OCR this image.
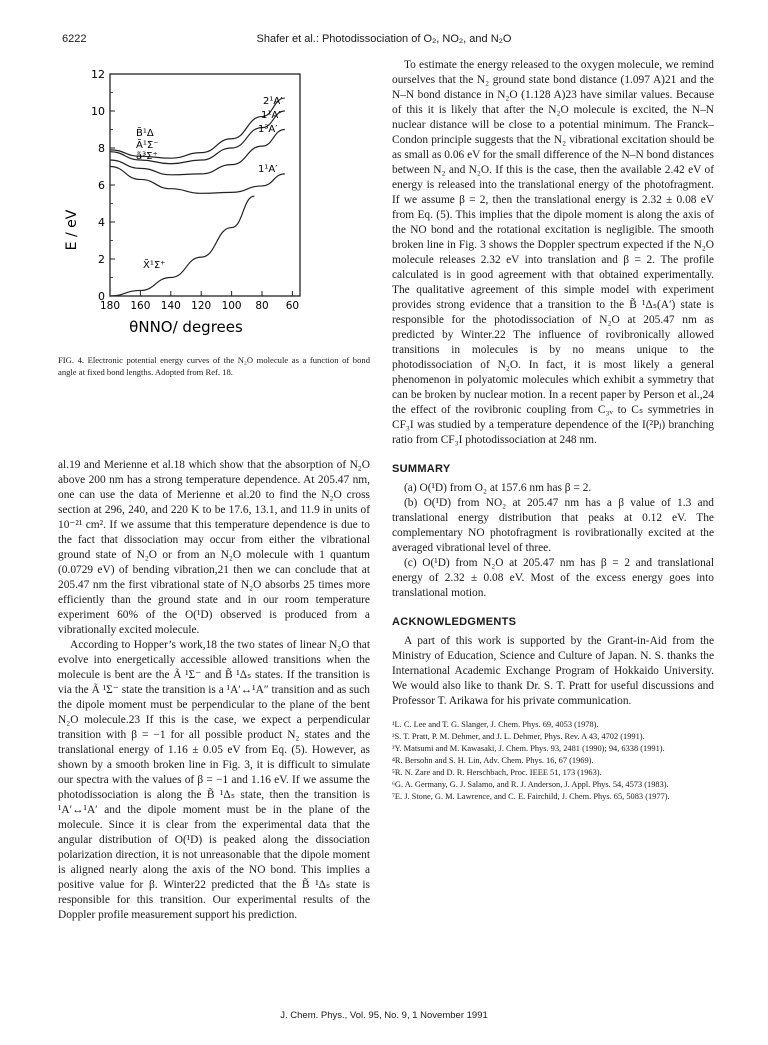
6222	Shafer et al.: Photodissociation of O₂, NO₂, and N₂O
E / eV
0
2
4
6
8
10
12
180 160 140 120 100 80 60
2¹A′
1¹A″
1³A′
1¹A′
B̃¹Δ
Ã¹Σ⁻
ã³Σ⁺
X̃¹Σ⁺
θNNO/ degrees
FIG. 4. Electronic potential energy curves of the N₂O molecule as a function of bond angle at fixed bond lengths. Adopted from Ref. 18.

al.19 and Merienne et al.18 which show that the absorption of N₂O above 200 nm has a strong temperature dependence. At 205.47 nm, one can use the data of Merienne et al.20 to find the N₂O cross section at 296, 240, and 220 K to be 17.6, 13.1, and 11.9 in units of 10⁻²¹ cm². If we assume that this temperature dependence is due to the fact that dissociation may occur from either the vibrational ground state of N₂O or from an N₂O molecule with 1 quantum (0.0729 eV) of bending vibration,21 then we can conclude that at 205.47 nm the first vibrational state of N₂O absorbs 25 times more efficiently than the ground state and in our room temperature experiment 60% of the O(¹D) observed is produced from a vibrationally excited molecule.

According to Hopper’s work,18 the two states of linear N₂O that evolve into energetically accessible allowed transitions when the molecule is bent are the Ã ¹Σ⁻ and B̃ ¹Δₛ states. If the transition is via the Ã ¹Σ⁻ state the transition is a ¹A′↔¹A″ transition and as such the dipole moment must be perpendicular to the plane of the bent N₂O molecule.23 If this is the case, we expect a perpendicular transition with β = −1 for all possible product N₂ states and the translational energy of 1.16 ± 0.05 eV from Eq. (5). However, as shown by a smooth broken line in Fig. 3, it is difficult to simulate our spectra with the values of β = −1 and 1.16 eV. If we assume the photodissociation is along the B̃ ¹Δₛ state, then the transition is ¹A′↔¹A′ and the dipole moment must be in the plane of the molecule. Since it is clear from the experimental data that the angular distribution of O(¹D) is peaked along the dissociation polarization direction, it is not unreasonable that the dipole moment is aligned nearly along the axis of the NO bond. This implies a positive value for β. Winter22 predicted that the B̃ ¹Δₛ state is responsible for this transition. Our experimental results of the Doppler profile measurement support his prediction.

To estimate the energy released to the oxygen molecule, we remind ourselves that the N₂ ground state bond distance (1.097 A)21 and the N–N bond distance in N₂O (1.128 A)23 have similar values. Because of this it is likely that after the N₂O molecule is excited, the N–N nuclear distance will be close to a potential minimum. The Franck–Condon principle suggests that the N₂ vibrational excitation should be as small as 0.06 eV for the small difference of the N–N bond distances between N₂ and N₂O. If this is the case, then the available 2.42 eV of energy is released into the translational energy of the photofragment. If we assume β = 2, then the translational energy is 2.32 ± 0.08 eV from Eq. (5). This implies that the dipole moment is along the axis of the NO bond and the rotational excitation is negligible. The smooth broken line in Fig. 3 shows the Doppler spectrum expected if the N₂O molecule releases 2.32 eV into translation and β = 2. The profile calculated is in good agreement with that obtained experimentally. The qualitative agreement of this simple model with experiment provides strong evidence that a transition to the B̃ ¹Δₛ(A′) state is responsible for the photodissociation of N₂O at 205.47 nm as predicted by Winter.22 The influence of rovibronically allowed transitions in molecules is by no means unique to the photodissociation of N₂O. In fact, it is most likely a general phenomenon in polyatomic molecules which exhibit a symmetry that can be broken by nuclear motion. In a recent paper by Person et al.,24 the effect of the rovibronic coupling from C₃ᵥ to Cₛ symmetries in CF₃I was studied by a temperature dependence of the I(²Pⱼ) branching ratio from CF₃I photodissociation at 248 nm.

SUMMARY

(a) O(¹D) from O₂ at 157.6 nm has β = 2.

(b) O(¹D) from NO₂ at 205.47 nm has a β value of 1.3 and translational energy distribution that peaks at 0.12 eV. The complementary NO photofragment is rovibrationally excited at the averaged vibrational level of three.

(c) O(¹D) from N₂O at 205.47 nm has β = 2 and translational energy of 2.32 ± 0.08 eV. Most of the excess energy goes into translational motion.

ACKNOWLEDGMENTS

A part of this work is supported by the Grant-in-Aid from the Ministry of Education, Science and Culture of Japan. N. S. thanks the International Academic Exchange Program of Hokkaido University. We would also like to thank Dr. S. T. Pratt for useful discussions and Professor T. Arikawa for his private communication.

¹L. C. Lee and T. G. Slanger, J. Chem. Phys. 69, 4053 (1978).
²S. T. Pratt, P. M. Dehmer, and J. L. Dehmer, Phys. Rev. A 43, 4702 (1991).
³Y. Matsumi and M. Kawasaki, J. Chem. Phys. 93, 2481 (1990); 94, 6338 (1991).
⁴R. Bersohn and S. H. Lin, Adv. Chem. Phys. 16, 67 (1969).
⁵R. N. Zare and D. R. Herschbach, Proc. IEEE 51, 173 (1963).
⁶G. A. Germany, G. J. Salamo, and R. J. Anderson, J. Appl. Phys. 54, 4573 (1983).
⁷E. J. Stone, G. M. Lawrence, and C. E. Fairchild, J. Chem. Phys. 65, 5083 (1977).
J. Chem. Phys., Vol. 95, No. 9, 1 November 1991
